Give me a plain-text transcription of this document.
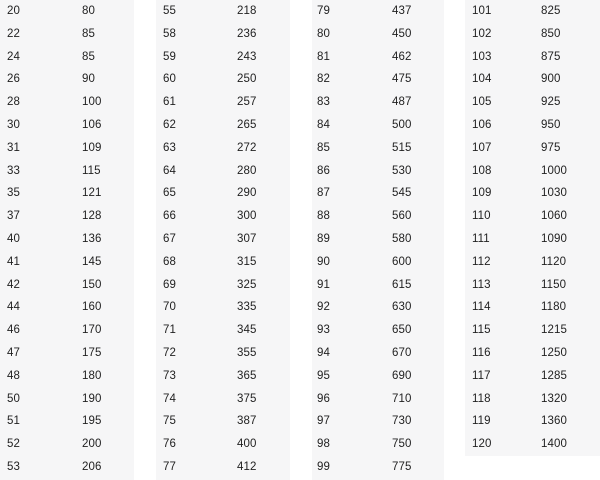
20	80
22	85
24	85
26	90
28	100
30	106
31	109
33	115
35	121
37	128
40	136
41	145
42	150
44	160
46	170
47	175
48	180
50	190
51	195
52	200
53	206
55	218
58	236
59	243
60	250
61	257
62	265
63	272
64	280
65	290
66	300
67	307
68	315
69	325
70	335
71	345
72	355
73	365
74	375
75	387
76	400
77	412
79	437
80	450
81	462
82	475
83	487
84	500
85	515
86	530
87	545
88	560
89	580
90	600
91	615
92	630
93	650
94	670
95	690
96	710
97	730
98	750
99	775
101	825
102	850
103	875
104	900
105	925
106	950
107	975
108	1000
109	1030
110	1060
111	1090
112	1120
113	1150
114	1180
115	1215
116	1250
117	1285
118	1320
119	1360
120	1400
